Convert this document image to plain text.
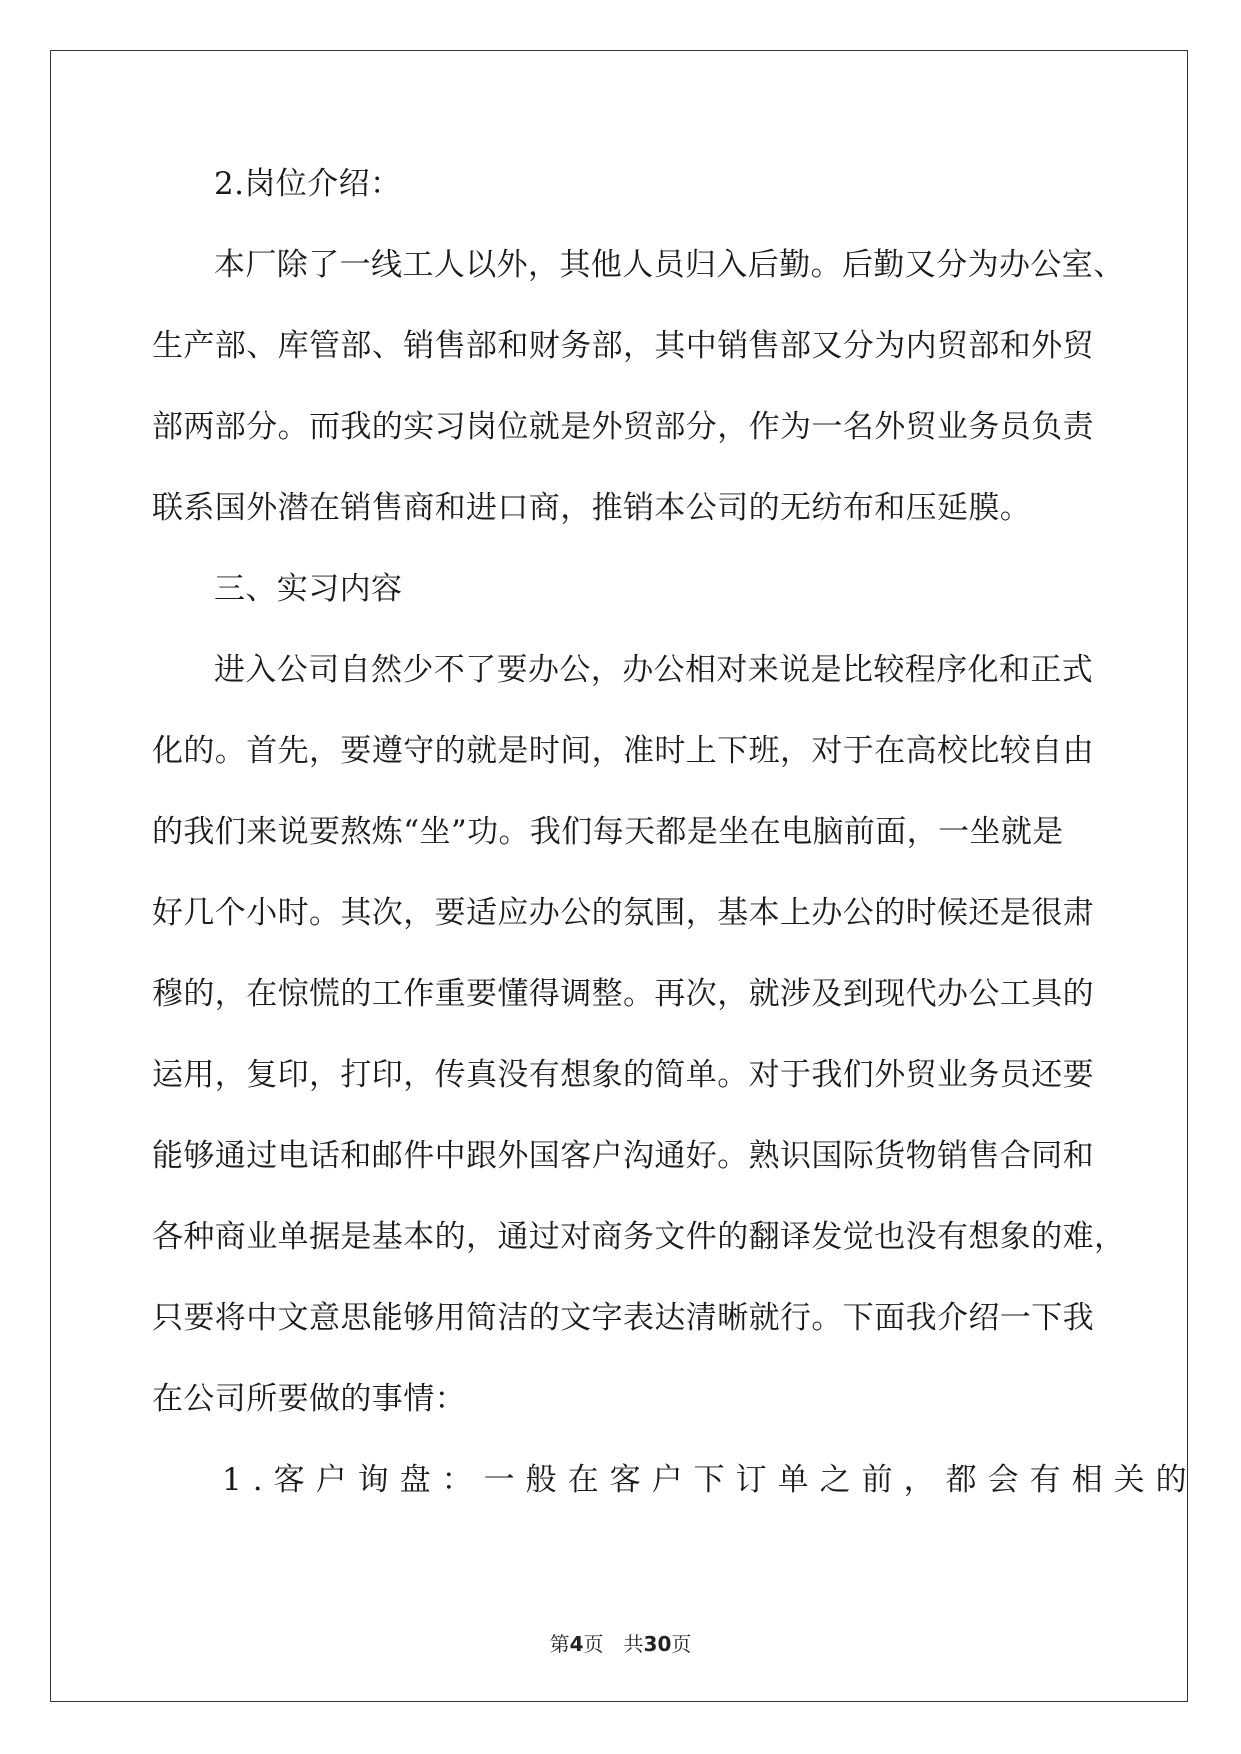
2.岗位介绍：
本厂除了一线工人以外，其他人员归入后勤。后勤又分为办公室、
生产部、库管部、销售部和财务部，其中销售部又分为内贸部和外贸
部两部分。而我的实习岗位就是外贸部分，作为一名外贸业务员负责
联系国外潜在销售商和进口商，推销本公司的无纺布和压延膜。
三、实习内容
进入公司自然少不了要办公，办公相对来说是比较程序化和正式
化的。首先，要遵守的就是时间，准时上下班，对于在高校比较自由
的我们来说要熬炼“坐”功。我们每天都是坐在电脑前面，一坐就是
好几个小时。其次，要适应办公的氛围，基本上办公的时候还是很肃
穆的，在惊慌的工作重要懂得调整。再次，就涉及到现代办公工具的
运用，复印，打印，传真没有想象的简单。对于我们外贸业务员还要
能够通过电话和邮件中跟外国客户沟通好。熟识国际货物销售合同和
各种商业单据是基本的，通过对商务文件的翻译发觉也没有想象的难，
只要将中文意思能够用简洁的文字表达清晰就行。下面我介绍一下我
在公司所要做的事情：
1.客户询盘：一般在客户下订单之前，都会有相关的
第4页　共30页
